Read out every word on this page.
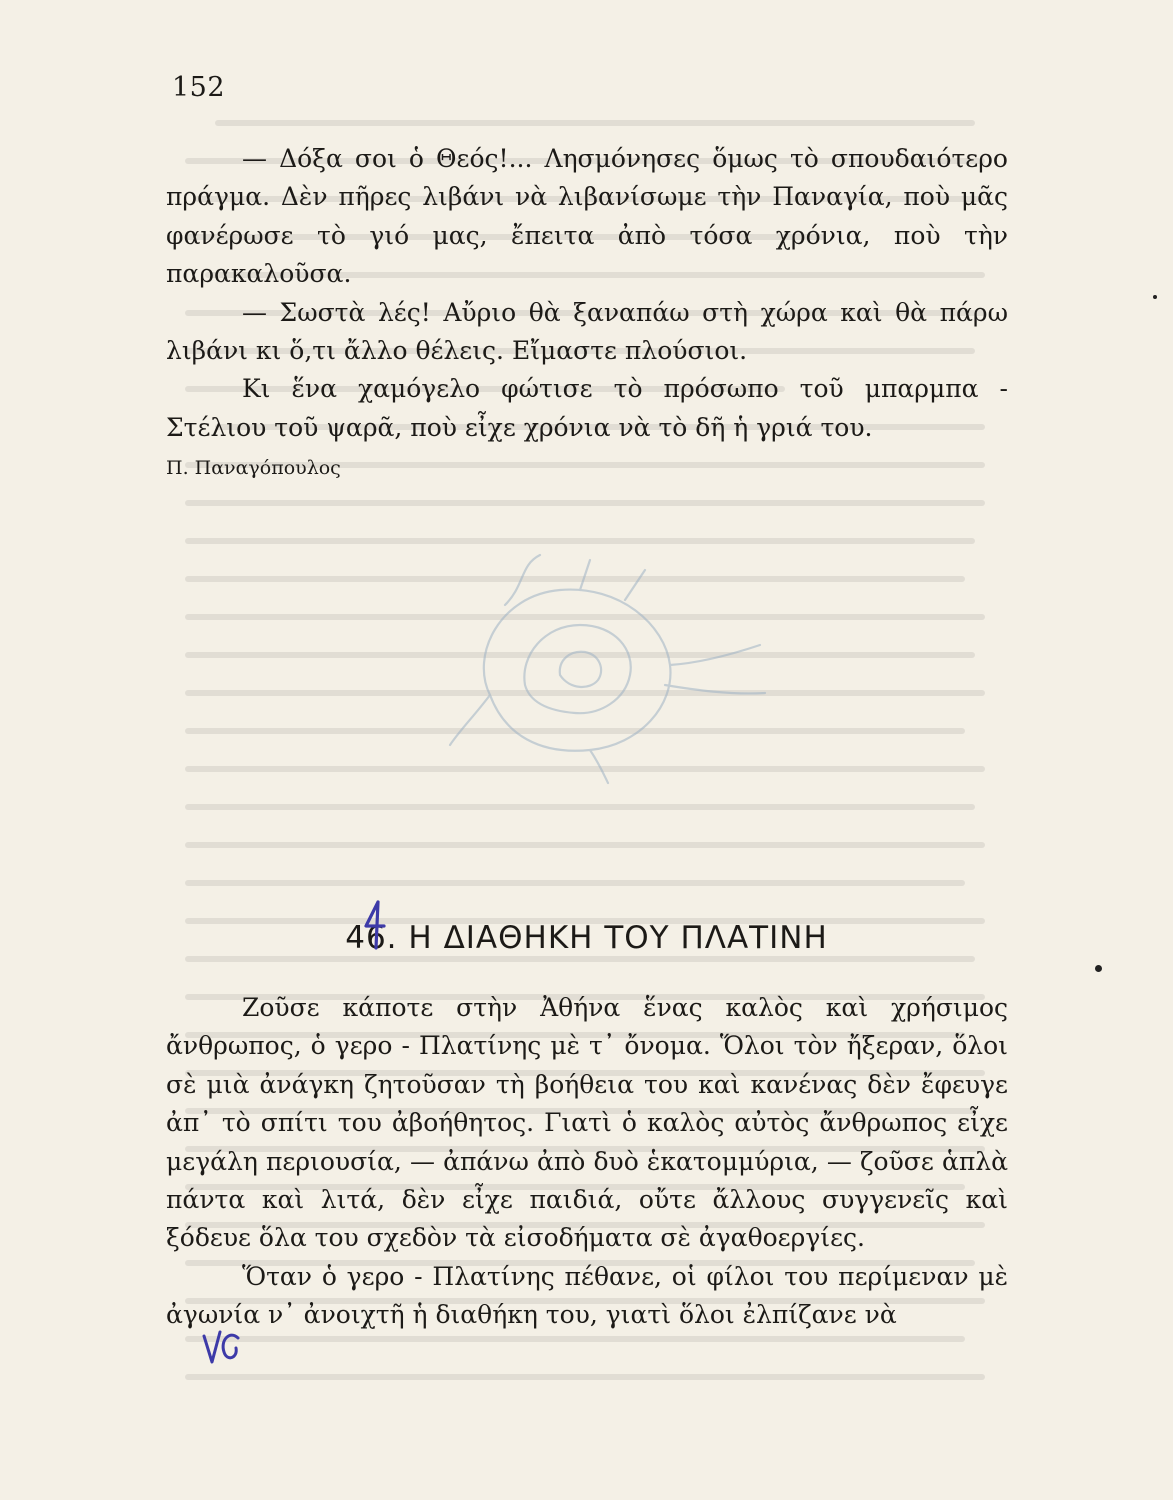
152

— Δόξα σοι ὁ Θεός!... Λησμόνησες ὅμως τὸ σπουδαιότερο πράγμα. Δὲν πῆρες λιβάνι νὰ λιβανίσωμε τὴν Παναγία, ποὺ μᾶς φανέρωσε τὸ γιό μας, ἔπειτα ἀπὸ τόσα χρόνια, ποὺ τὴν παρακαλοῦσα.

— Σωστὰ λές! Αὔριο θὰ ξαναπάω στὴ χώρα καὶ θὰ πάρω λιβάνι κι ὅ,τι ἄλλο θέλεις. Εἴμαστε πλούσιοι.

Κι ἕνα χαμόγελο φώτισε τὸ πρόσωπο τοῦ μπαρμπα - Στέλιου τοῦ ψαρᾶ, ποὺ εἶχε χρόνια νὰ τὸ δῆ ἡ γριά του.

Π. Παναγόπουλος

46. Η ΔΙΑΘΗΚΗ ΤΟΥ ΠΛΑΤΙΝΗ

Ζοῦσε κάποτε στὴν Ἀθήνα ἕνας καλὸς καὶ χρήσιμος ἄνθρωπος, ὁ γερο - Πλατίνης μὲ τ᾽ ὄνομα. Ὅλοι τὸν ἤξεραν, ὅλοι σὲ μιὰ ἀνάγκη ζητοῦσαν τὴ βοήθεια του καὶ κανένας δὲν ἔφευγε ἀπ᾽ τὸ σπίτι του ἀβοήθητος. Γιατὶ ὁ καλὸς αὐτὸς ἄνθρωπος εἶχε μεγάλη περιουσία, — ἀπάνω ἀπὸ δυὸ ἑκατομμύρια, — ζοῦσε ἁπλὰ πάντα καὶ λιτά, δὲν εἶχε παιδιά, οὔτε ἄλλους συγγενεῖς καὶ ξόδευε ὅλα του σχεδὸν τὰ εἰσοδήματα σὲ ἀγαθοεργίες.

Ὅταν ὁ γερο - Πλατίνης πέθανε, οἱ φίλοι του περίμεναν μὲ ἀγωνία ν᾽ ἀνοιχτῆ ἡ διαθήκη του, γιατὶ ὅλοι ἐλπίζανε νὰ
